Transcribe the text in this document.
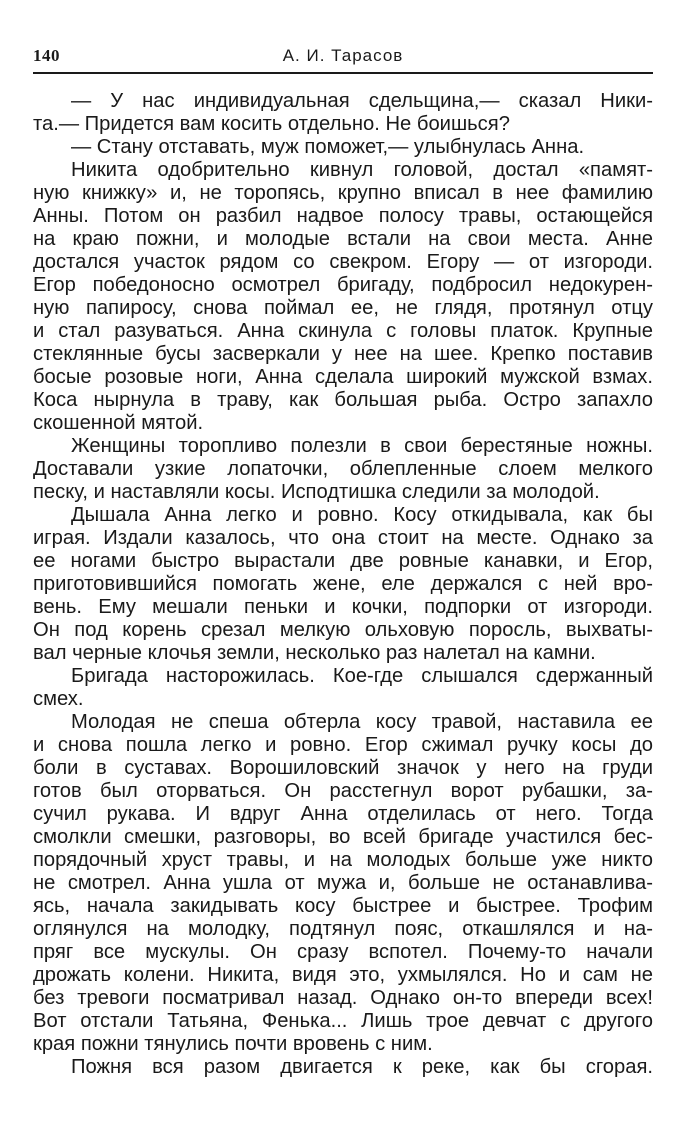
140	А. И. Тарасов
— У нас индивидуальная сдельщина,— сказал Ники-
та.— Придется вам косить отдельно. Не боишься?
— Стану отставать, муж поможет,— улыбнулась Анна.
Никита одобрительно кивнул головой, достал «памят-
ную книжку» и, не торопясь, крупно вписал в нее фамилию
Анны. Потом он разбил надвое полосу травы, остающейся
на краю пожни, и молодые встали на свои места. Анне
достался участок рядом со свекром. Егору — от изгороди.
Егор победоносно осмотрел бригаду, подбросил недокурен-
ную папиросу, снова поймал ее, не глядя, протянул отцу
и стал разуваться. Анна скинула с головы платок. Крупные
стеклянные бусы засверкали у нее на шее. Крепко поставив
босые розовые ноги, Анна сделала широкий мужской взмах.
Коса нырнула в траву, как большая рыба. Остро запахло
скошенной мятой.
Женщины торопливо полезли в свои берестяные ножны.
Доставали узкие лопаточки, облепленные слоем мелкого
песку, и наставляли косы. Исподтишка следили за молодой.
Дышала Анна легко и ровно. Косу откидывала, как бы
играя. Издали казалось, что она стоит на месте. Однако за
ее ногами быстро вырастали две ровные канавки, и Егор,
приготовившийся помогать жене, еле держался с ней вро-
вень. Ему мешали пеньки и кочки, подпорки от изгороди.
Он под корень срезал мелкую ольховую поросль, выхваты-
вал черные клочья земли, несколько раз налетал на камни.
Бригада насторожилась. Кое-где слышался сдержанный
смех.
Молодая не спеша обтерла косу травой, наставила ее
и снова пошла легко и ровно. Егор сжимал ручку косы до
боли в суставах. Ворошиловский значок у него на груди
готов был оторваться. Он расстегнул ворот рубашки, за-
сучил рукава. И вдруг Анна отделилась от него. Тогда
смолкли смешки, разговоры, во всей бригаде участился бес-
порядочный хруст травы, и на молодых больше уже никто
не смотрел. Анна ушла от мужа и, больше не останавлива-
ясь, начала закидывать косу быстрее и быстрее. Трофим
оглянулся на молодку, подтянул пояс, откашлялся и на-
пряг все мускулы. Он сразу вспотел. Почему-то начали
дрожать колени. Никита, видя это, ухмылялся. Но и сам не
без тревоги посматривал назад. Однако он-то впереди всех!
Вот отстали Татьяна, Фенька... Лишь трое девчат с другого
края пожни тянулись почти вровень с ним.
Пожня вся разом двигается к реке, как бы сгорая.
